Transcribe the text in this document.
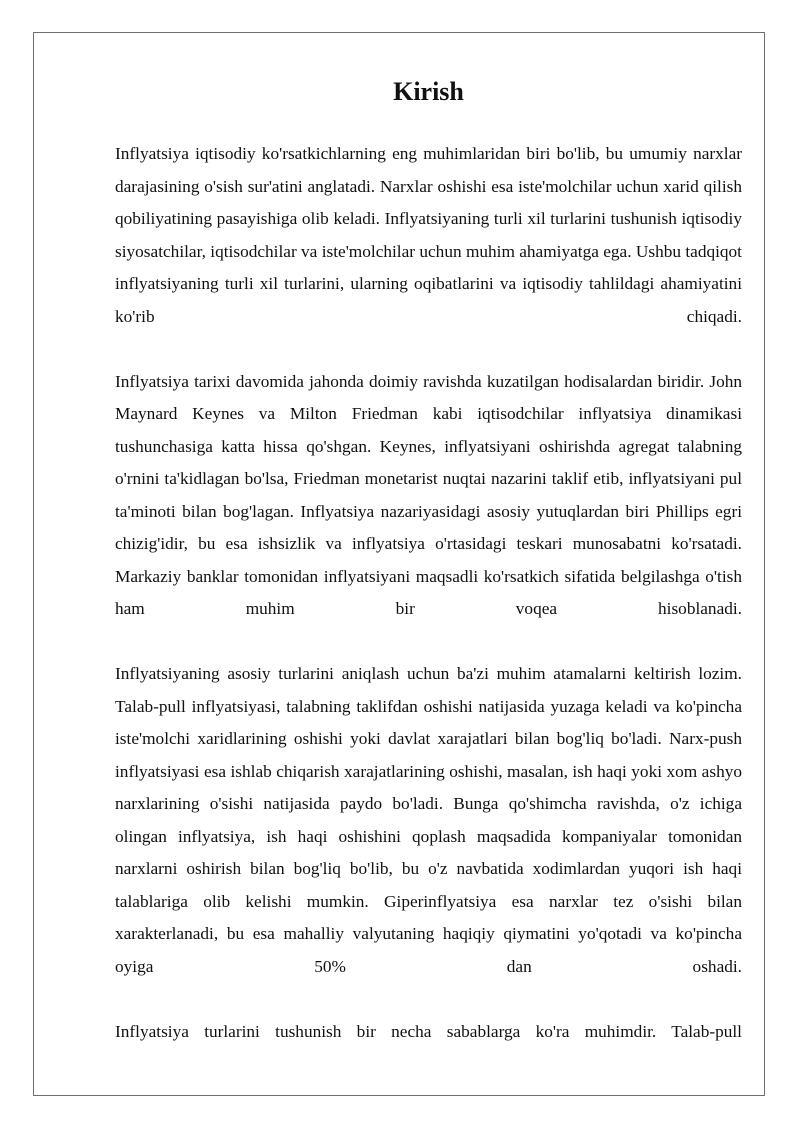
Kirish

Inflyatsiya iqtisodiy ko'rsatkichlarning eng muhimlaridan biri bo'lib, bu umumiy narxlar darajasining o'sish sur'atini anglatadi. Narxlar oshishi esa iste'molchilar uchun xarid qilish qobiliyatining pasayishiga olib keladi. Inflyatsiyaning turli xil turlarini tushunish iqtisodiy siyosatchilar, iqtisodchilar va iste'molchilar uchun muhim ahamiyatga ega. Ushbu tadqiqot inflyatsiyaning turli xil turlarini, ularning oqibatlarini va iqtisodiy tahlildagi ahamiyatini ko'rib chiqadi.

Inflyatsiya tarixi davomida jahonda doimiy ravishda kuzatilgan hodisalardan biridir. John Maynard Keynes va Milton Friedman kabi iqtisodchilar inflyatsiya dinamikasi tushunchasiga katta hissa qo'shgan. Keynes, inflyatsiyani oshirishda agregat talabning o'rnini ta'kidlagan bo'lsa, Friedman monetarist nuqtai nazarini taklif etib, inflyatsiyani pul ta'minoti bilan bog'lagan. Inflyatsiya nazariyasidagi asosiy yutuqlardan biri Phillips egri chizig'idir, bu esa ishsizlik va inflyatsiya o'rtasidagi teskari munosabatni ko'rsatadi. Markaziy banklar tomonidan inflyatsiyani maqsadli ko'rsatkich sifatida belgilashga o'tish ham muhim bir voqea hisoblanadi.

Inflyatsiyaning asosiy turlarini aniqlash uchun ba'zi muhim atamalarni keltirish lozim. Talab-pull inflyatsiyasi, talabning taklifdan oshishi natijasida yuzaga keladi va ko'pincha iste'molchi xaridlarining oshishi yoki davlat xarajatlari bilan bog'liq bo'ladi. Narx-push inflyatsiyasi esa ishlab chiqarish xarajatlarining oshishi, masalan, ish haqi yoki xom ashyo narxlarining o'sishi natijasida paydo bo'ladi. Bunga qo'shimcha ravishda, o'z ichiga olingan inflyatsiya, ish haqi oshishini qoplash maqsadida kompaniyalar tomonidan narxlarni oshirish bilan bog'liq bo'lib, bu o'z navbatida xodimlardan yuqori ish haqi talablariga olib kelishi mumkin. Giperinflyatsiya esa narxlar tez o'sishi bilan xarakterlanadi, bu esa mahalliy valyutaning haqiqiy qiymatini yo'qotadi va ko'pincha oyiga 50% dan oshadi.

Inflyatsiya turlarini tushunish bir necha sabablarga ko'ra muhimdir. Talab-pull
